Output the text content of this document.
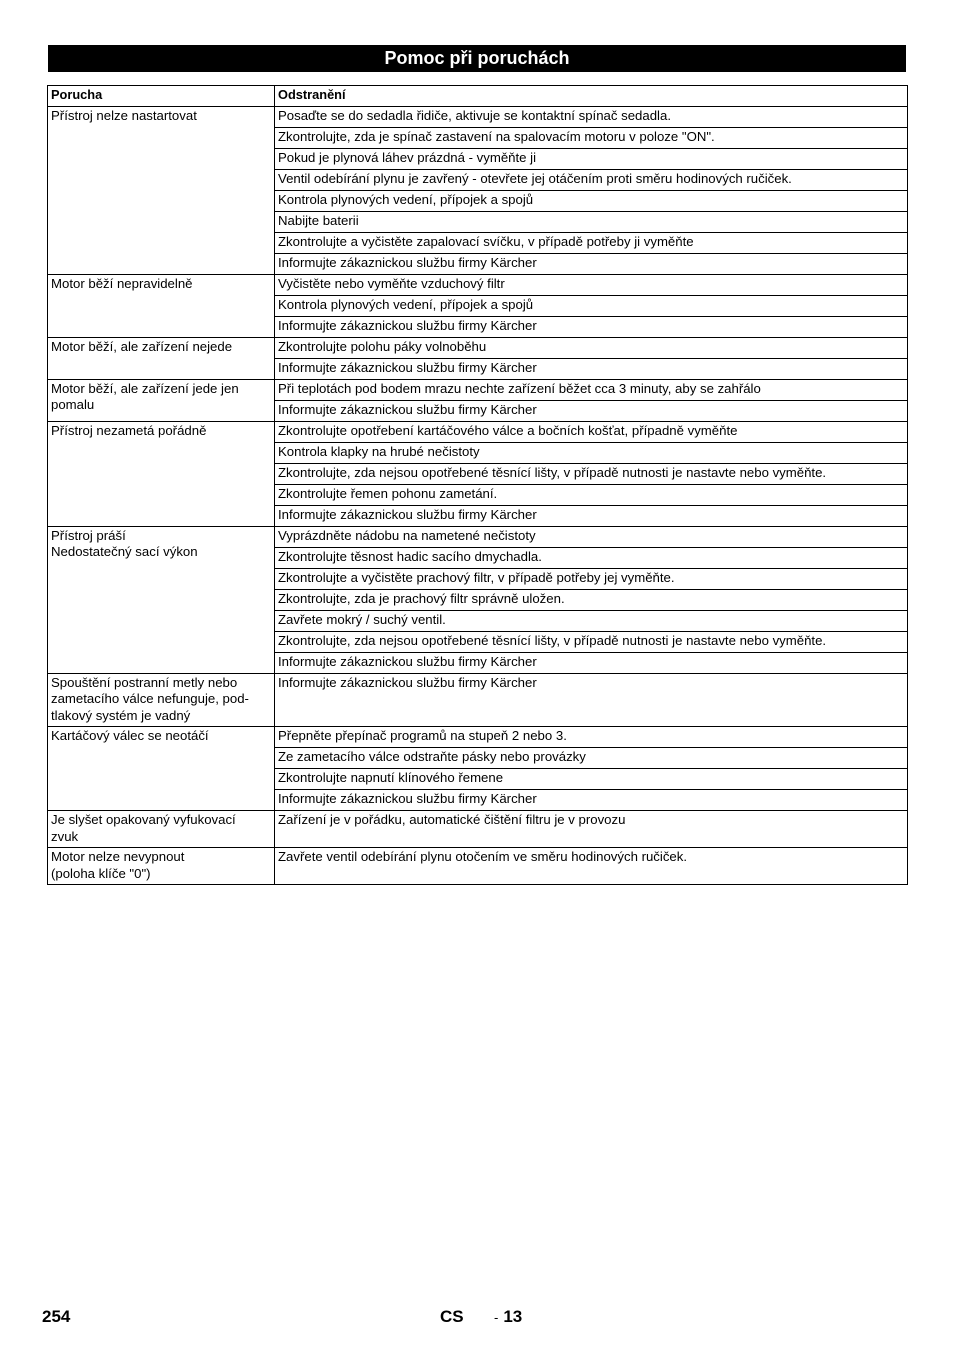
Pomoc při poruchách
Porucha	Odstranění
Přístroj nelze nastartovat	Posaďte se do sedadla řidiče, aktivuje se kontaktní spínač sedadla.
	Zkontrolujte, zda je spínač zastavení na spalovacím motoru v poloze "ON".
	Pokud je plynová láhev prázdná - vyměňte ji
	Ventil odebírání plynu je zavřený - otevřete jej otáčením proti směru hodinových ručiček.
	Kontrola plynových vedení, přípojek a spojů
	Nabijte baterii
	Zkontrolujte a vyčistěte zapalovací svíčku, v případě potřeby ji vyměňte
	Informujte zákaznickou službu firmy Kärcher
Motor běží nepravidelně	Vyčistěte nebo vyměňte vzduchový filtr
	Kontrola plynových vedení, přípojek a spojů
	Informujte zákaznickou službu firmy Kärcher
Motor běží, ale zařízení nejede	Zkontrolujte polohu páky volnoběhu
	Informujte zákaznickou službu firmy Kärcher
Motor běží, ale zařízení jede jen
pomalu	Při teplotách pod bodem mrazu nechte zařízení běžet cca 3 minuty, aby se zahřálo
	Informujte zákaznickou službu firmy Kärcher
Přístroj nezametá pořádně	Zkontrolujte opotřebení kartáčového válce a bočních košťat, případně vyměňte
	Kontrola klapky na hrubé nečistoty
	Zkontrolujte, zda nejsou opotřebené těsnící lišty, v případě nutnosti je nastavte nebo vyměňte.
	Zkontrolujte řemen pohonu zametání.
	Informujte zákaznickou službu firmy Kärcher
Přístroj práší
Nedostatečný sací výkon	Vyprázdněte nádobu na nametené nečistoty
	Zkontrolujte těsnost hadic sacího dmychadla.
	Zkontrolujte a vyčistěte prachový filtr, v případě potřeby jej vyměňte.
	Zkontrolujte, zda je prachový filtr správně uložen.
	Zavřete mokrý / suchý ventil.
	Zkontrolujte, zda nejsou opotřebené těsnící lišty, v případě nutnosti je nastavte nebo vyměňte.
	Informujte zákaznickou službu firmy Kärcher
Spouštění postranní metly nebo
zametacího válce nefunguje, pod-
tlakový systém je vadný	Informujte zákaznickou službu firmy Kärcher
Kartáčový válec se neotáčí	Přepněte přepínač programů na stupeň 2 nebo 3.
	Ze zametacího válce odstraňte pásky nebo provázky
	Zkontrolujte napnutí klínového řemene
	Informujte zákaznickou službu firmy Kärcher
Je slyšet opakovaný vyfukovací
zvuk	Zařízení je v pořádku, automatické čištění filtru je v provozu
Motor nelze nevypnout
(poloha klíče "0")	Zavřete ventil odebírání plynu otočením ve směru hodinových ručiček.
254	CS - 13
